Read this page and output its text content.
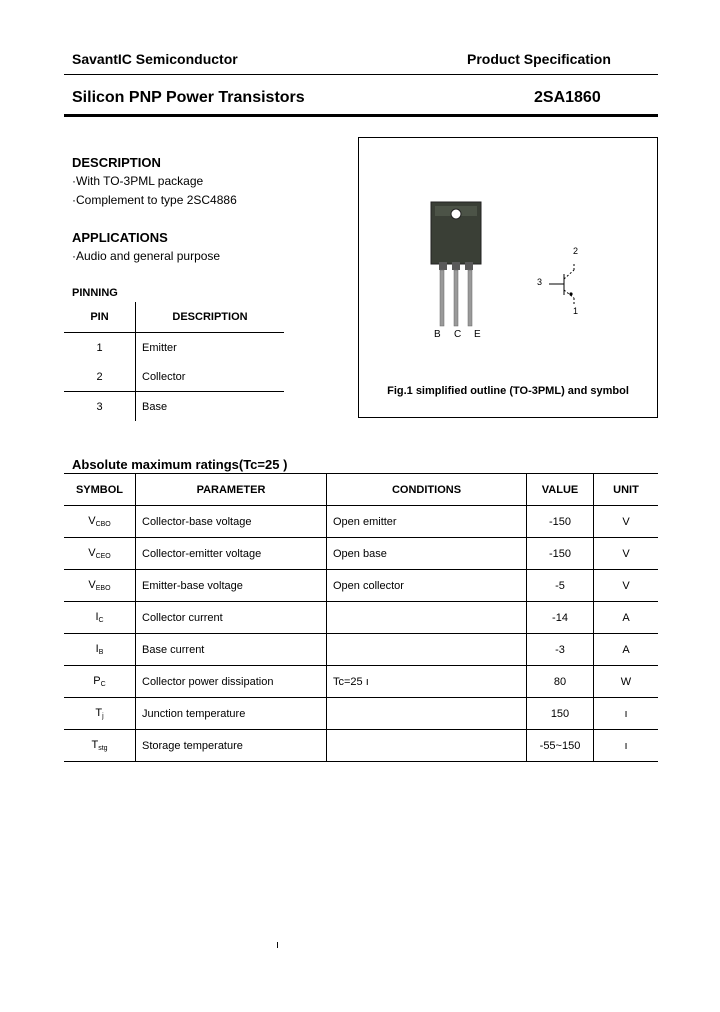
SavantIC Semiconductor	Product Specification
Silicon PNP Power Transistors	2SA1860
DESCRIPTION
·With TO-3PML package
·Complement to type 2SC4886
APPLICATIONS
·Audio and general purpose
PINNING
PIN	DESCRIPTION
1	Emitter
2	Collector
3	Base
2
3
1
B C E
Fig.1 simplified outline (TO-3PML) and symbol
Absolute maximum ratings(Tc=25 )
SYMBOL	PARAMETER	CONDITIONS	VALUE	UNIT
$V_{CBO}$	Collector-base voltage	Open emitter	-150	V
$V_{CEO}$	Collector-emitter voltage	Open base	-150	V
$V_{EBO}$	Emitter-base voltage	Open collector	-5	V
$I_C$	Collector current		-14	A
$I_B$	Base current		-3	A
$P_C$	Collector power dissipation	Tc=25 ı	80	W
$T_j$	Junction temperature		150	ı
$T_{stg}$	Storage temperature		-55~150	ı
ı
